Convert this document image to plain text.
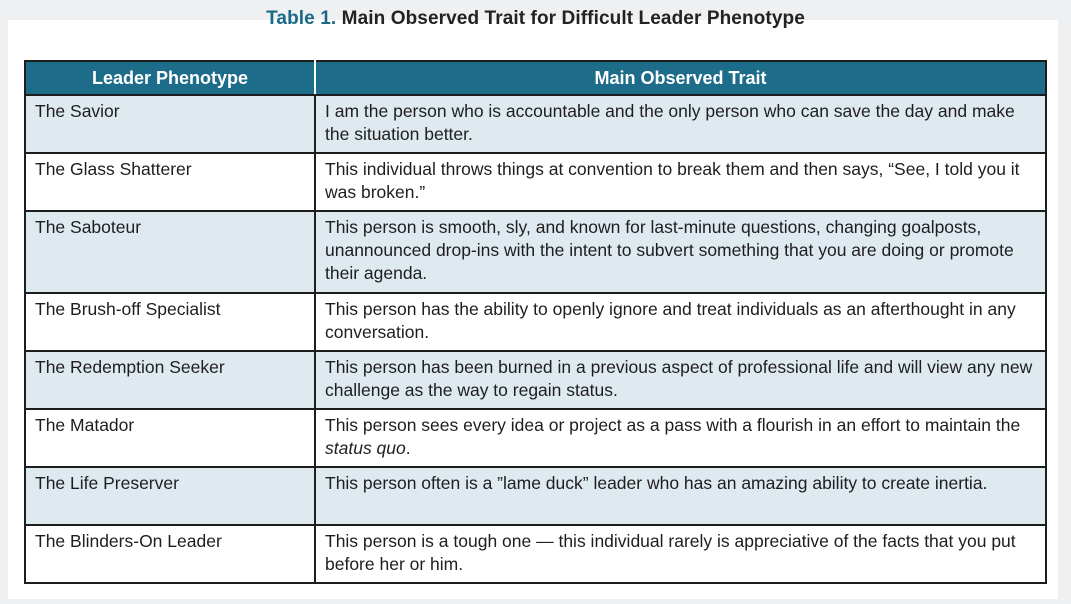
Table 1. Main Observed Trait for Difficult Leader Phenotype
Leader Phenotype	Main Observed Trait
The Savior	I am the person who is accountable and the only person who can save the day and make the situation better.
The Glass Shatterer	This individual throws things at convention to break them and then says, “See, I told you it was broken.”
The Saboteur	This person is smooth, sly, and known for last-minute questions, changing goalposts, unannounced drop-ins with the intent to subvert something that you are doing or promote their agenda.
The Brush-off Specialist	This person has the ability to openly ignore and treat individuals as an afterthought in any conversation.
The Redemption Seeker	This person has been burned in a previous aspect of professional life and will view any new challenge as the way to regain status.
The Matador	This person sees every idea or project as a pass with a flourish in an effort to maintain the status quo.
The Life Preserver	This person often is a ”lame duck” leader who has an amazing ability to create inertia.
The Blinders-On Leader	This person is a tough one — this individual rarely is appreciative of the facts that you put before her or him.
